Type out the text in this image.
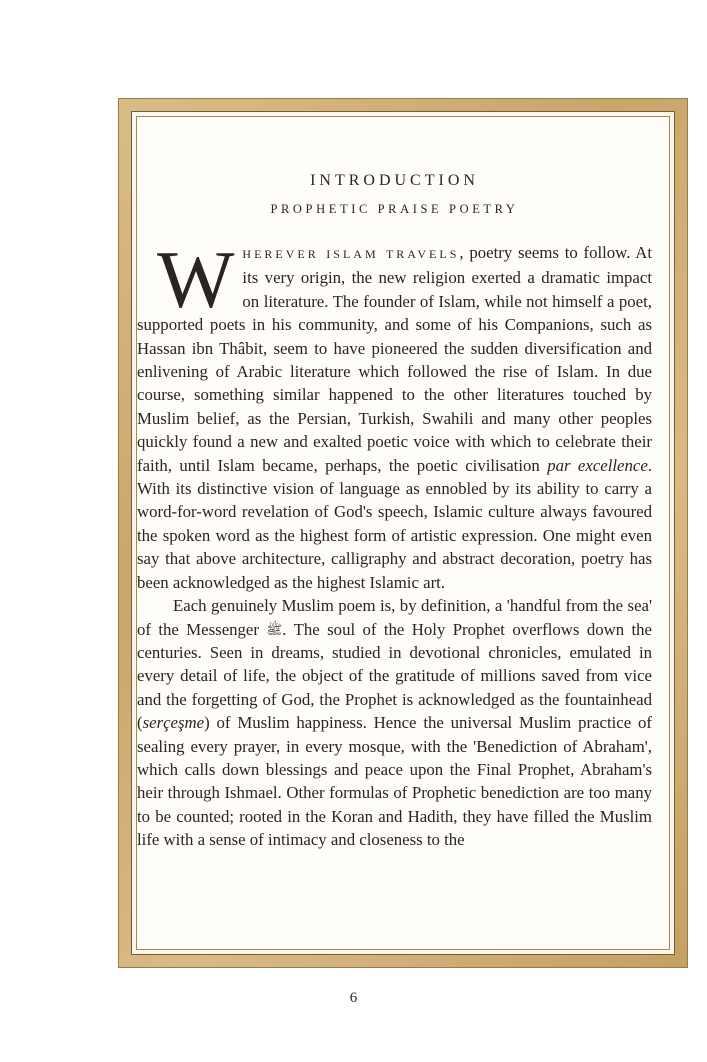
INTRODUCTION
PROPHETIC PRAISE POETRY

WHEREVER ISLAM TRAVELS, poetry seems to follow. At its very origin, the new religion exerted a dramatic impact on literature. The founder of Islam, while not himself a poet, supported poets in his community, and some of his Companions, such as Hassan ibn Thâbit, seem to have pioneered the sudden diversification and enlivening of Arabic literature which followed the rise of Islam. In due course, something similar happened to the other literatures touched by Muslim belief, as the Persian, Turkish, Swahili and many other peoples quickly found a new and exalted poetic voice with which to celebrate their faith, until Islam became, perhaps, the poetic civilisation par excellence. With its distinctive vision of language as ennobled by its ability to carry a word-for-word revelation of God's speech, Islamic culture always favoured the spoken word as the highest form of artistic expression. One might even say that above architecture, calligraphy and abstract decoration, poetry has been acknowledged as the highest Islamic art.

Each genuinely Muslim poem is, by definition, a 'handful from the sea' of the Messenger ﷺ. The soul of the Holy Prophet overflows down the centuries. Seen in dreams, studied in devotional chronicles, emulated in every detail of life, the object of the gratitude of millions saved from vice and the forgetting of God, the Prophet is acknowledged as the fountainhead (serçeşme) of Muslim happiness. Hence the universal Muslim practice of sealing every prayer, in every mosque, with the 'Benediction of Abraham', which calls down blessings and peace upon the Final Prophet, Abraham's heir through Ishmael. Other formulas of Prophetic benediction are too many to be counted; rooted in the Koran and Hadith, they have filled the Muslim life with a sense of intimacy and closeness to the

6
